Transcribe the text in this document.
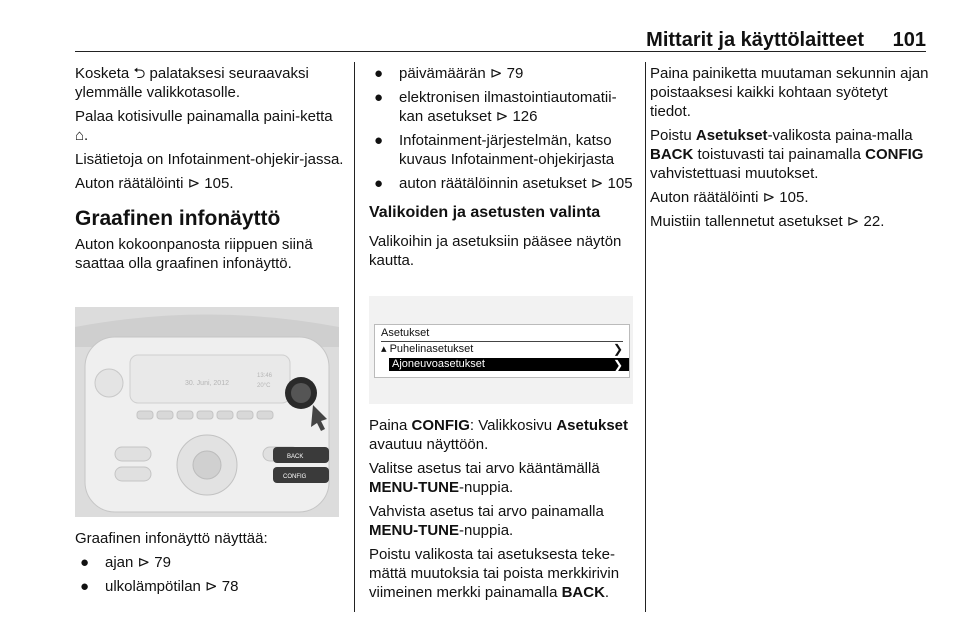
Mittarit ja käyttölaitteet 101

Kosketa ⮌ palataksesi seuraavaksi ylemmälle valikkotasolle.

Palaa kotisivulle painamalla paini-ketta ⌂.

Lisätietoja on Infotainment-ohjekir-jassa.

Auton räätälöinti ⊳ 105.

Graafinen infonäyttö

Auton kokoonpanosta riippuen siinä saattaa olla graafinen infonäyttö.

30. Juni, 2012
13:46
20°C
BACK
CONFIG

Graafinen infonäyttö näyttää:

● ajan ⊳ 79
● ulkolämpötilan ⊳ 78
● päivämäärän ⊳ 79
● elektronisen ilmastointiautomatii-kan asetukset ⊳ 126
● Infotainment-järjestelmän, katso kuvaus Infotainment-ohjekirjasta
● auton räätälöinnin asetukset ⊳ 105
Valikoiden ja asetusten valinta

Valikoihin ja asetuksiin pääsee näytön kautta.

Asetukset
▴ Puhelinasetukset	❯
Ajoneuvoasetukset	❯

Paina CONFIG: Valikkosivu Asetukset avautuu näyttöön.

Valitse asetus tai arvo kääntämällä MENU-TUNE-nuppia.

Vahvista asetus tai arvo painamalla MENU-TUNE-nuppia.

Poistu valikosta tai asetuksesta teke-mättä muutoksia tai poista merkkirivin viimeinen merkki painamalla BACK.

Paina painiketta muutaman sekunnin ajan poistaaksesi kaikki kohtaan syötetyt tiedot.

Poistu Asetukset-valikosta paina-malla BACK toistuvasti tai painamalla CONFIG vahvistettuasi muutokset.

Auton räätälöinti ⊳ 105.

Muistiin tallennetut asetukset ⊳ 22.
